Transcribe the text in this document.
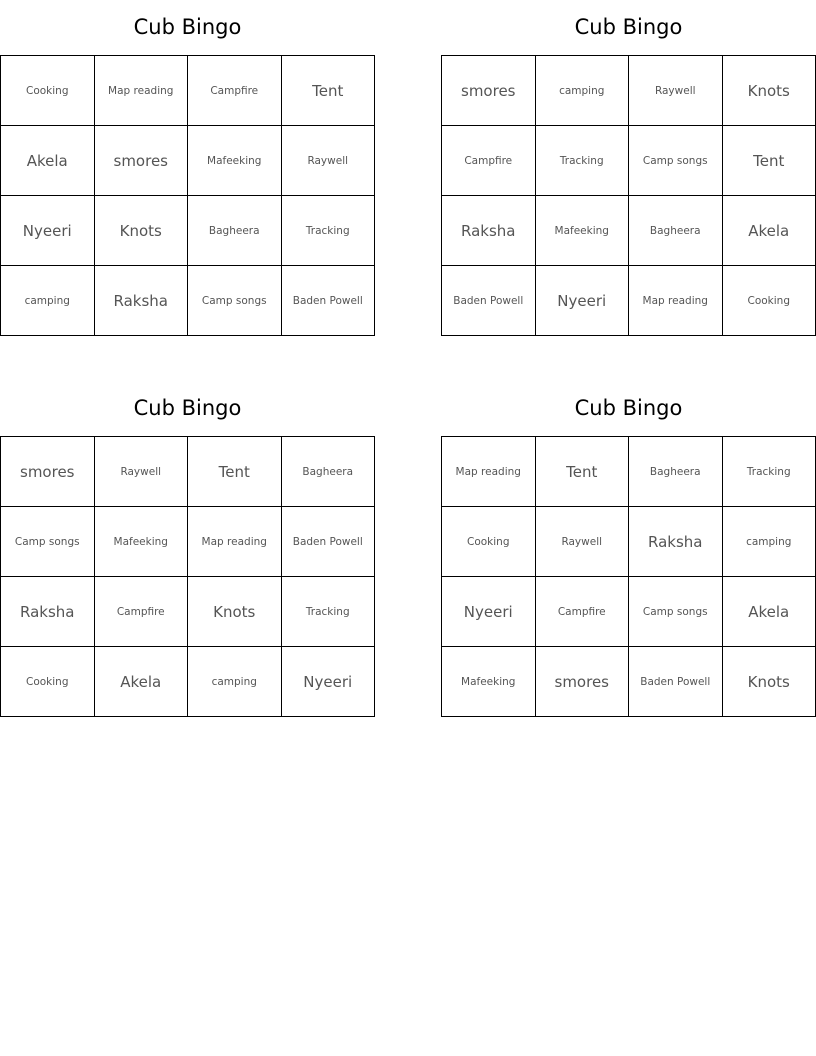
Cub Bingo
Cooking	Map reading	Campfire	Tent
Akela	smores	Mafeeking	Raywell
Nyeeri	Knots	Bagheera	Tracking
camping	Raksha	Camp songs	Baden Powell
Cub Bingo
smores	camping	Raywell	Knots
Campfire	Tracking	Camp songs	Tent
Raksha	Mafeeking	Bagheera	Akela
Baden Powell	Nyeeri	Map reading	Cooking
Cub Bingo
smores	Raywell	Tent	Bagheera
Camp songs	Mafeeking	Map reading	Baden Powell
Raksha	Campfire	Knots	Tracking
Cooking	Akela	camping	Nyeeri
Cub Bingo
Map reading	Tent	Bagheera	Tracking
Cooking	Raywell	Raksha	camping
Nyeeri	Campfire	Camp songs	Akela
Mafeeking	smores	Baden Powell	Knots
